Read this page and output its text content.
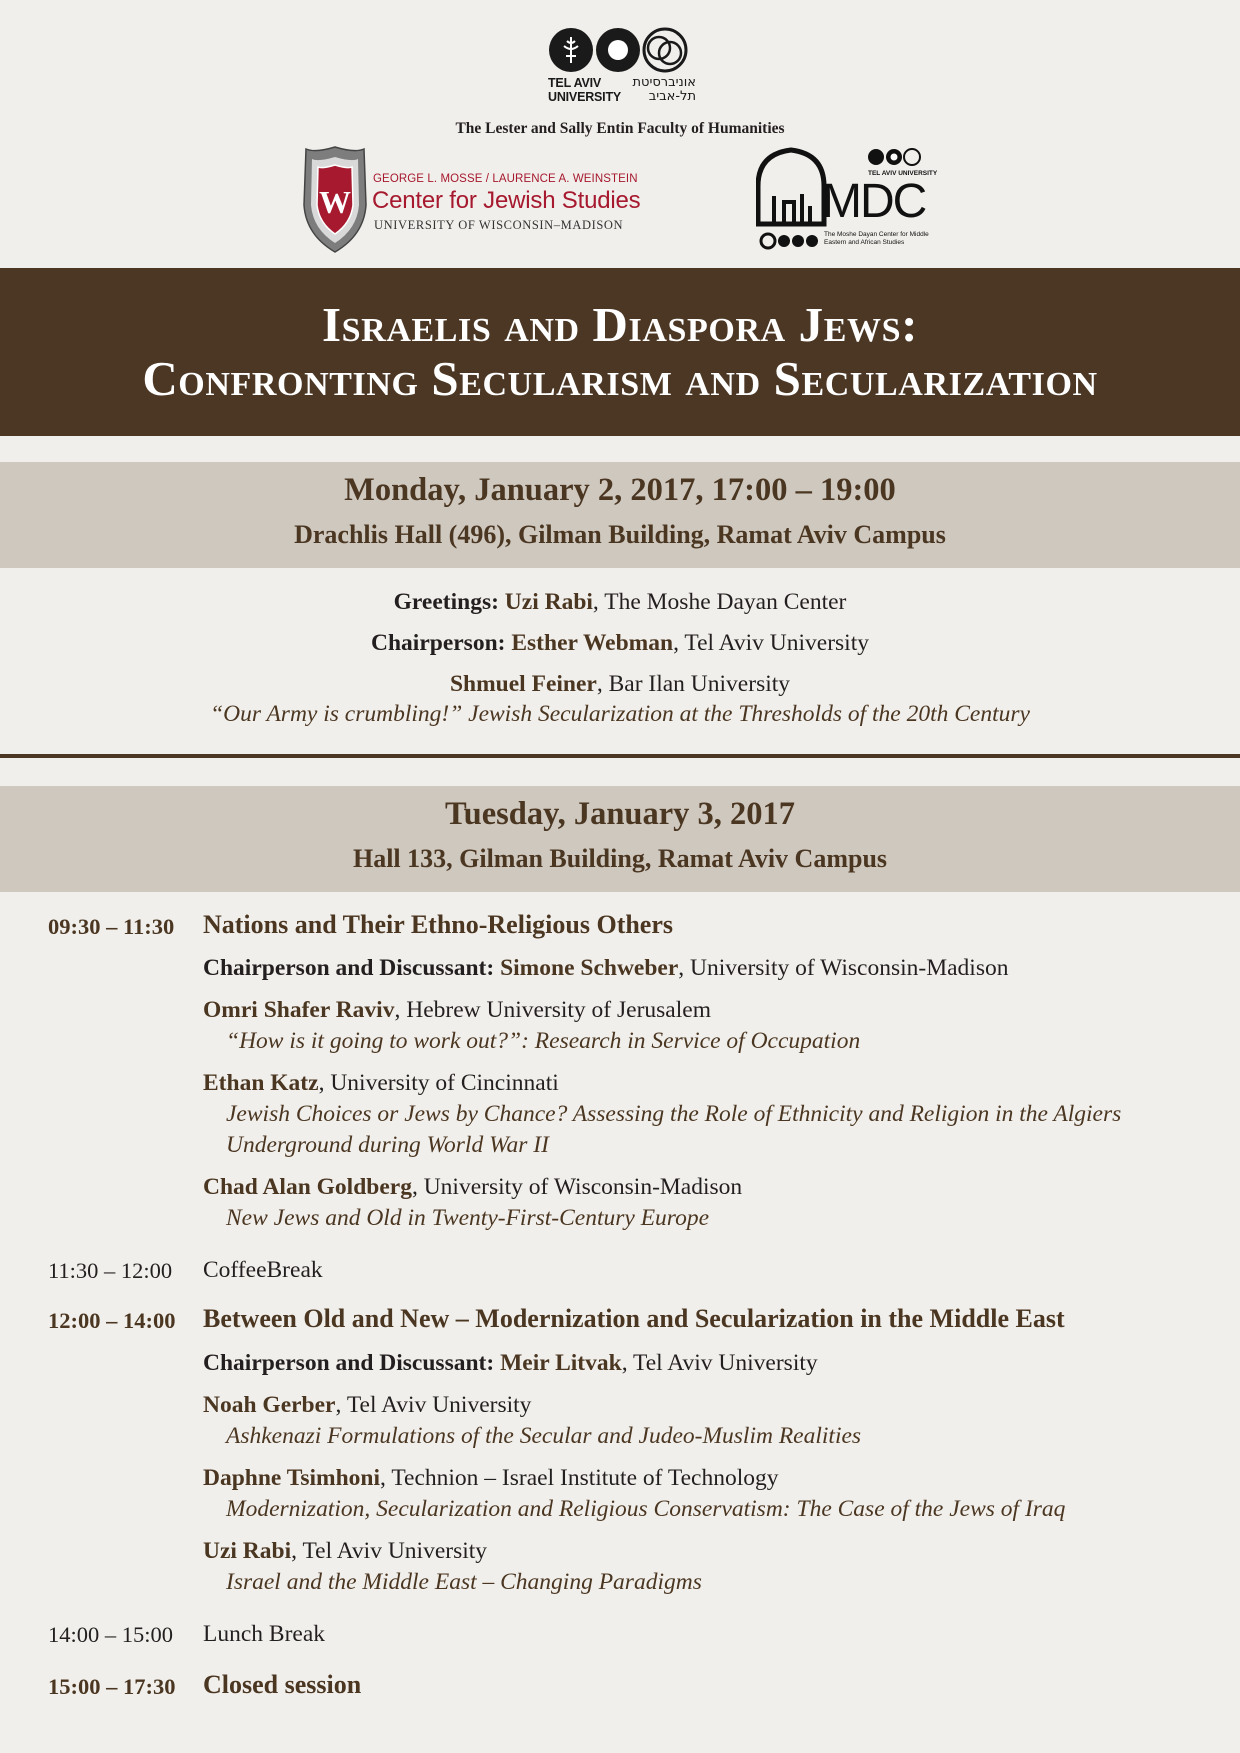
TEL AVIV
UNIVERSITY
אוניברסיטת
תל-אביב
The Lester and Sally Entin Faculty of Humanities
W
GEORGE L. MOSSE / LAURENCE A. WEINSTEIN
Center for Jewish Studies
UNIVERSITY OF WISCONSIN–MADISON
TEL AVIV UNIVERSITY
MDC
The Moshe Dayan Center for Middle Eastern and African Studies
Israelis and Diaspora Jews:
Confronting Secularism and Secularization
Monday, January 2, 2017, 17:00 – 19:00
Drachlis Hall (496), Gilman Building, Ramat Aviv Campus
Greetings: Uzi Rabi, The Moshe Dayan Center
Chairperson: Esther Webman, Tel Aviv University
Shmuel Feiner, Bar Ilan University
“Our Army is crumbling!” Jewish Secularization at the Thresholds of the 20th Century
Tuesday, January 3, 2017
Hall 133, Gilman Building, Ramat Aviv Campus
09:30 – 11:30 Nations and Their Ethno-Religious Others
Chairperson and Discussant: Simone Schweber, University of Wisconsin-Madison
Omri Shafer Raviv, Hebrew University of Jerusalem
“How is it going to work out?”: Research in Service of Occupation
Ethan Katz, University of Cincinnati
Jewish Choices or Jews by Chance? Assessing the Role of Ethnicity and Religion in the Algiers
Underground during World War II
Chad Alan Goldberg, University of Wisconsin-Madison
New Jews and Old in Twenty-First-Century Europe
11:30 – 12:00 CoffeeBreak
12:00 – 14:00 Between Old and New – Modernization and Secularization in the Middle East
Chairperson and Discussant: Meir Litvak, Tel Aviv University
Noah Gerber, Tel Aviv University
Ashkenazi Formulations of the Secular and Judeo-Muslim Realities
Daphne Tsimhoni, Technion – Israel Institute of Technology
Modernization, Secularization and Religious Conservatism: The Case of the Jews of Iraq
Uzi Rabi, Tel Aviv University
Israel and the Middle East – Changing Paradigms
14:00 – 15:00 Lunch Break
15:00 – 17:30 Closed session
